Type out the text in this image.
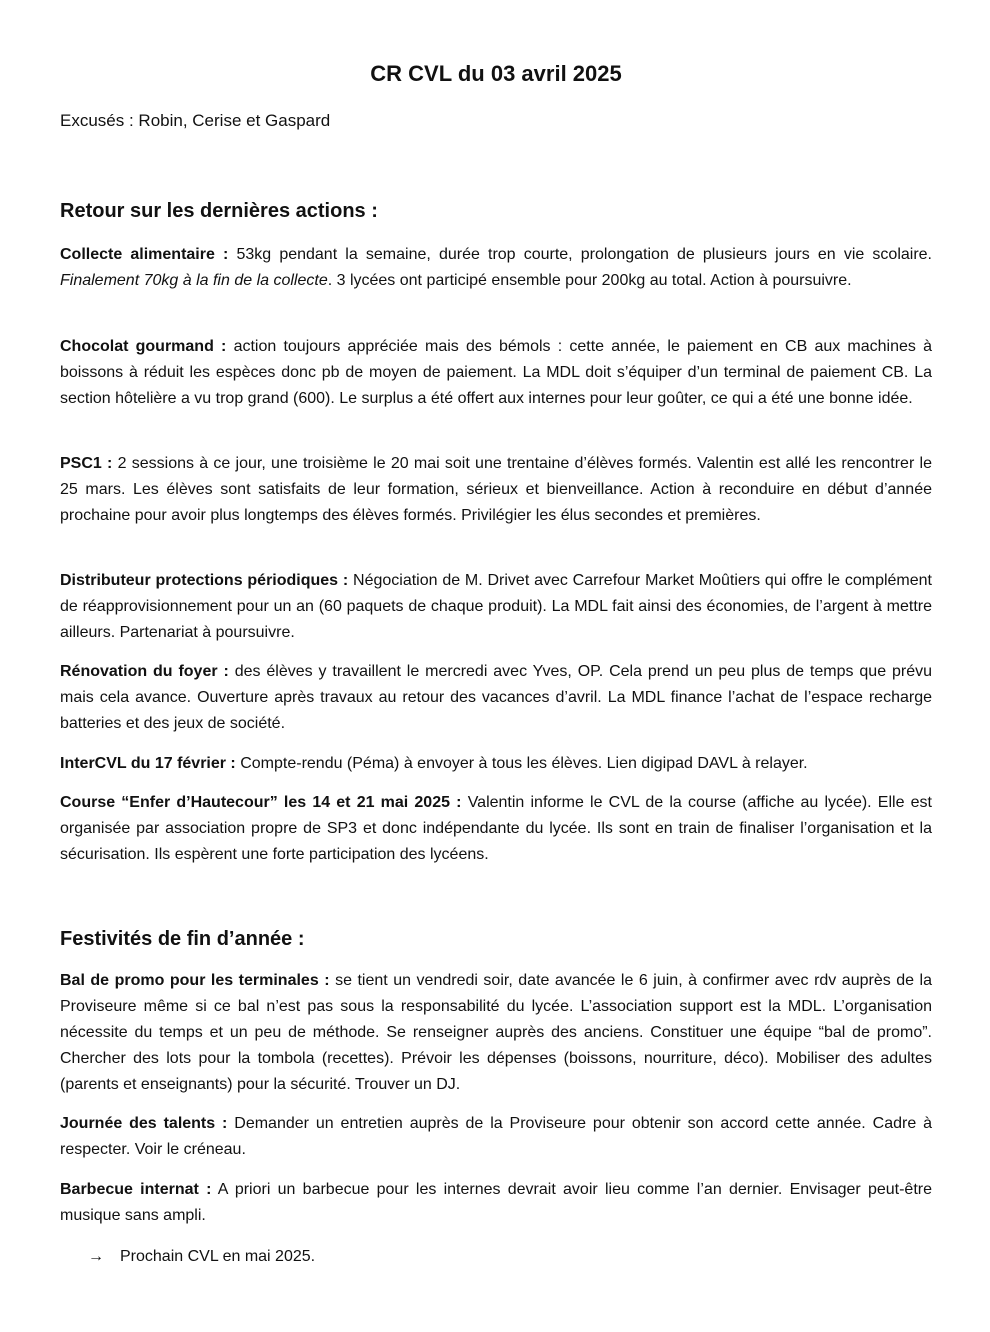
CR CVL du 03 avril 2025

Excusés : Robin, Cerise et Gaspard

Retour sur les dernières actions :

Collecte alimentaire : 53kg pendant la semaine, durée trop courte, prolongation de plusieurs jours en vie scolaire. Finalement 70kg à la fin de la collecte. 3 lycées ont participé ensemble pour 200kg au total. Action à poursuivre.

Chocolat gourmand : action toujours appréciée mais des bémols : cette année, le paiement en CB aux machines à boissons à réduit les espèces donc pb de moyen de paiement. La MDL doit s’équiper d’un terminal de paiement CB. La section hôtelière a vu trop grand (600). Le surplus a été offert aux internes pour leur goûter, ce qui a été une bonne idée.

PSC1 : 2 sessions à ce jour, une troisième le 20 mai soit une trentaine d’élèves formés. Valentin est allé les rencontrer le 25 mars. Les élèves sont satisfaits de leur formation, sérieux et bienveillance. Action à reconduire en début d’année prochaine pour avoir plus longtemps des élèves formés. Privilégier les élus secondes et premières.

Distributeur protections périodiques : Négociation de M. Drivet avec Carrefour Market Moûtiers qui offre le complément de réapprovisionnement pour un an (60 paquets de chaque produit). La MDL fait ainsi des économies, de l’argent à mettre ailleurs. Partenariat à poursuivre.

Rénovation du foyer : des élèves y travaillent le mercredi avec Yves, OP. Cela prend un peu plus de temps que prévu mais cela avance. Ouverture après travaux au retour des vacances d’avril. La MDL finance l’achat de l’espace recharge batteries et des jeux de société.

InterCVL du 17 février : Compte-rendu (Péma) à envoyer à tous les élèves. Lien digipad DAVL à relayer.

Course “Enfer d’Hautecour” les 14 et 21 mai 2025 : Valentin informe le CVL de la course (affiche au lycée). Elle est organisée par association propre de SP3 et donc indépendante du lycée. Ils sont en train de finaliser l’organisation et la sécurisation. Ils espèrent une forte participation des lycéens.

Festivités de fin d’année :

Bal de promo pour les terminales : se tient un vendredi soir, date avancée le 6 juin, à confirmer avec rdv auprès de la Proviseure même si ce bal n’est pas sous la responsabilité du lycée. L’association support est la MDL. L’organisation nécessite du temps et un peu de méthode. Se renseigner auprès des anciens. Constituer une équipe “bal de promo”. Chercher des lots pour la tombola (recettes). Prévoir les dépenses (boissons, nourriture, déco). Mobiliser des adultes (parents et enseignants) pour la sécurité. Trouver un DJ.

Journée des talents : Demander un entretien auprès de la Proviseure pour obtenir son accord cette année. Cadre à respecter. Voir le créneau.

Barbecue internat : A priori un barbecue pour les internes devrait avoir lieu comme l’an dernier. Envisager peut-être musique sans ampli.

→ Prochain CVL en mai 2025.
